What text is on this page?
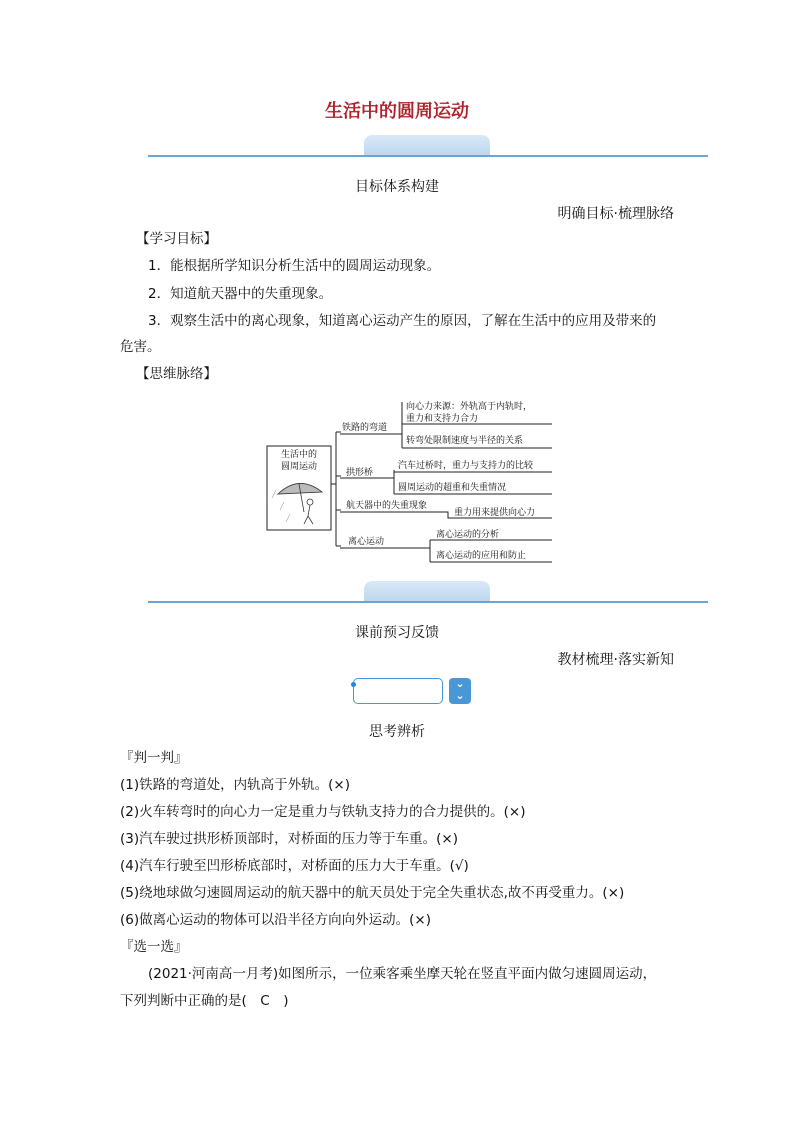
生活中的圆周运动
目标体系构建
明确目标·梳理脉络
【学习目标】
1．能根据所学知识分析生活中的圆周运动现象。
2．知道航天器中的失重现象。
3．观察生活中的离心现象，知道离心运动产生的原因，了解在生活中的应用及带来的
危害。
【思维脉络】
生活中的
圆周运动
铁路的弯道
向心力来源：外轨高于内轨时，
重力和支持力合力
转弯处限制速度与半径的关系
拱形桥
汽车过桥时，重力与支持力的比较
圆周运动的超重和失重情况
航天器中的失重现象
重力用来提供向心力
离心运动
离心运动的分析
离心运动的应用和防止
课前预习反馈
教材梳理·落实新知
⌄
⌄
思考辨析
『判一判』
(1)铁路的弯道处，内轨高于外轨。(×)
(2)火车转弯时的向心力一定是重力与铁轨支持力的合力提供的。(×)
(3)汽车驶过拱形桥顶部时，对桥面的压力等于车重。(×)
(4)汽车行驶至凹形桥底部时，对桥面的压力大于车重。(√)
(5)绕地球做匀速圆周运动的航天器中的航天员处于完全失重状态,故不再受重力。(×)
(6)做离心运动的物体可以沿半径方向向外运动。(×)
『选一选』
(2021·河南高一月考)如图所示，一位乘客乘坐摩天轮在竖直平面内做匀速圆周运动，
下列判断中正确的是(　C　)
